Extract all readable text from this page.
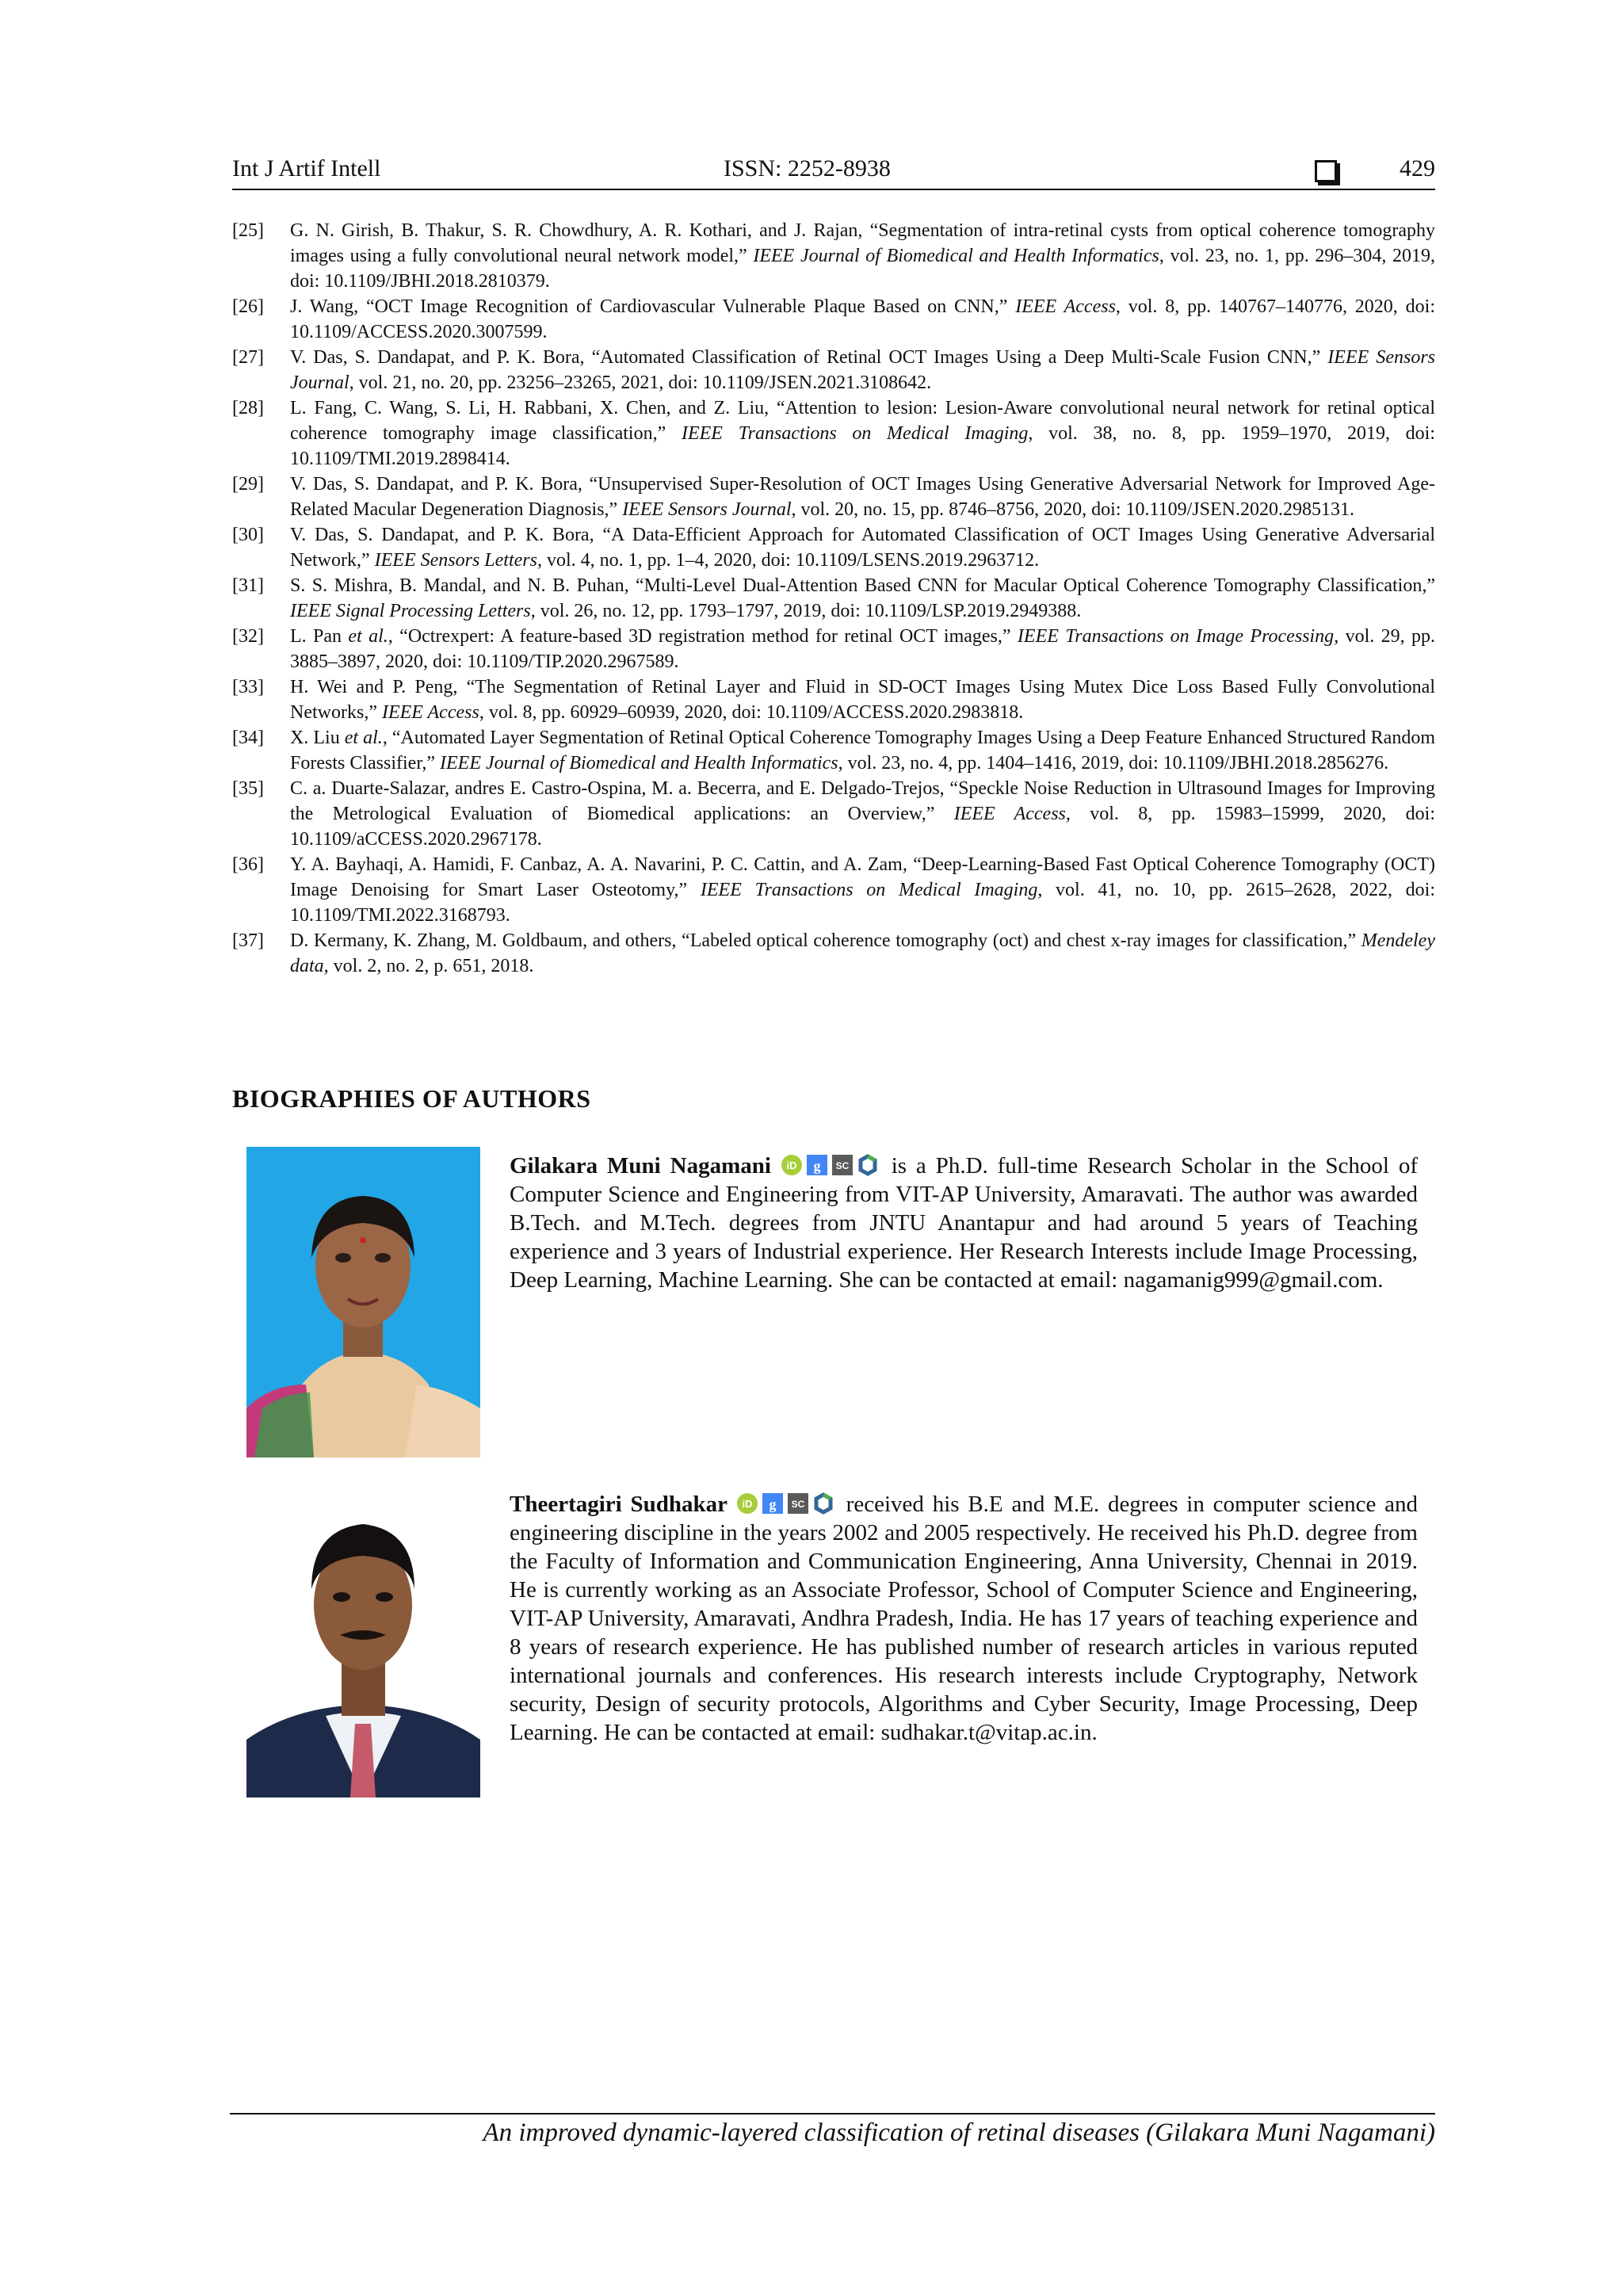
Int J Artif Intell	ISSN: 2252-8938	429
[25]	G. N. Girish, B. Thakur, S. R. Chowdhury, A. R. Kothari, and J. Rajan, “Segmentation of intra-retinal cysts from optical coherence tomography images using a fully convolutional neural network model,” IEEE Journal of Biomedical and Health Informatics, vol. 23, no. 1, pp. 296–304, 2019, doi: 10.1109/JBHI.2018.2810379.
[26]	J. Wang, “OCT Image Recognition of Cardiovascular Vulnerable Plaque Based on CNN,” IEEE Access, vol. 8, pp. 140767–140776, 2020, doi: 10.1109/ACCESS.2020.3007599.
[27]	V. Das, S. Dandapat, and P. K. Bora, “Automated Classification of Retinal OCT Images Using a Deep Multi-Scale Fusion CNN,” IEEE Sensors Journal, vol. 21, no. 20, pp. 23256–23265, 2021, doi: 10.1109/JSEN.2021.3108642.
[28]	L. Fang, C. Wang, S. Li, H. Rabbani, X. Chen, and Z. Liu, “Attention to lesion: Lesion-Aware convolutional neural network for retinal optical coherence tomography image classification,” IEEE Transactions on Medical Imaging, vol. 38, no. 8, pp. 1959–1970, 2019, doi: 10.1109/TMI.2019.2898414.
[29]	V. Das, S. Dandapat, and P. K. Bora, “Unsupervised Super-Resolution of OCT Images Using Generative Adversarial Network for Improved Age-Related Macular Degeneration Diagnosis,” IEEE Sensors Journal, vol. 20, no. 15, pp. 8746–8756, 2020, doi: 10.1109/JSEN.2020.2985131.
[30]	V. Das, S. Dandapat, and P. K. Bora, “A Data-Efficient Approach for Automated Classification of OCT Images Using Generative Adversarial Network,” IEEE Sensors Letters, vol. 4, no. 1, pp. 1–4, 2020, doi: 10.1109/LSENS.2019.2963712.
[31]	S. S. Mishra, B. Mandal, and N. B. Puhan, “Multi-Level Dual-Attention Based CNN for Macular Optical Coherence Tomography Classification,” IEEE Signal Processing Letters, vol. 26, no. 12, pp. 1793–1797, 2019, doi: 10.1109/LSP.2019.2949388.
[32]	L. Pan et al., “Octrexpert: A feature-based 3D registration method for retinal OCT images,” IEEE Transactions on Image Processing, vol. 29, pp. 3885–3897, 2020, doi: 10.1109/TIP.2020.2967589.
[33]	H. Wei and P. Peng, “The Segmentation of Retinal Layer and Fluid in SD-OCT Images Using Mutex Dice Loss Based Fully Convolutional Networks,” IEEE Access, vol. 8, pp. 60929–60939, 2020, doi: 10.1109/ACCESS.2020.2983818.
[34]	X. Liu et al., “Automated Layer Segmentation of Retinal Optical Coherence Tomography Images Using a Deep Feature Enhanced Structured Random Forests Classifier,” IEEE Journal of Biomedical and Health Informatics, vol. 23, no. 4, pp. 1404–1416, 2019, doi: 10.1109/JBHI.2018.2856276.
[35]	C. a. Duarte-Salazar, andres E. Castro-Ospina, M. a. Becerra, and E. Delgado-Trejos, “Speckle Noise Reduction in Ultrasound Images for Improving the Metrological Evaluation of Biomedical applications: an Overview,” IEEE Access, vol. 8, pp. 15983–15999, 2020, doi: 10.1109/aCCESS.2020.2967178.
[36]	Y. A. Bayhaqi, A. Hamidi, F. Canbaz, A. A. Navarini, P. C. Cattin, and A. Zam, “Deep-Learning-Based Fast Optical Coherence Tomography (OCT) Image Denoising for Smart Laser Osteotomy,” IEEE Transactions on Medical Imaging, vol. 41, no. 10, pp. 2615–2628, 2022, doi: 10.1109/TMI.2022.3168793.
[37]	D. Kermany, K. Zhang, M. Goldbaum, and others, “Labeled optical coherence tomography (oct) and chest x-ray images for classification,” Mendeley data, vol. 2, no. 2, p. 651, 2018.
BIOGRAPHIES OF AUTHORS
Gilakara Muni Nagamani iD g SC is a Ph.D. full-time Research Scholar in the School of Computer Science and Engineering from VIT-AP University, Amaravati. The author was awarded B.Tech. and M.Tech. degrees from JNTU Anantapur and had around 5 years of Teaching experience and 3 years of Industrial experience. Her Research Interests include Image Processing, Deep Learning, Machine Learning. She can be contacted at email: nagamanig999@gmail.com.
Theertagiri Sudhakar iD g SC received his B.E and M.E. degrees in computer science and engineering discipline in the years 2002 and 2005 respectively. He received his Ph.D. degree from the Faculty of Information and Communication Engineering, Anna University, Chennai in 2019. He is currently working as an Associate Professor, School of Computer Science and Engineering, VIT-AP University, Amaravati, Andhra Pradesh, India. He has 17 years of teaching experience and 8 years of research experience. He has published number of research articles in various reputed international journals and conferences. His research interests include Cryptography, Network security, Design of security protocols, Algorithms and Cyber Security, Image Processing, Deep Learning. He can be contacted at email: sudhakar.t@vitap.ac.in.
An improved dynamic-layered classification of retinal diseases (Gilakara Muni Nagamani)
